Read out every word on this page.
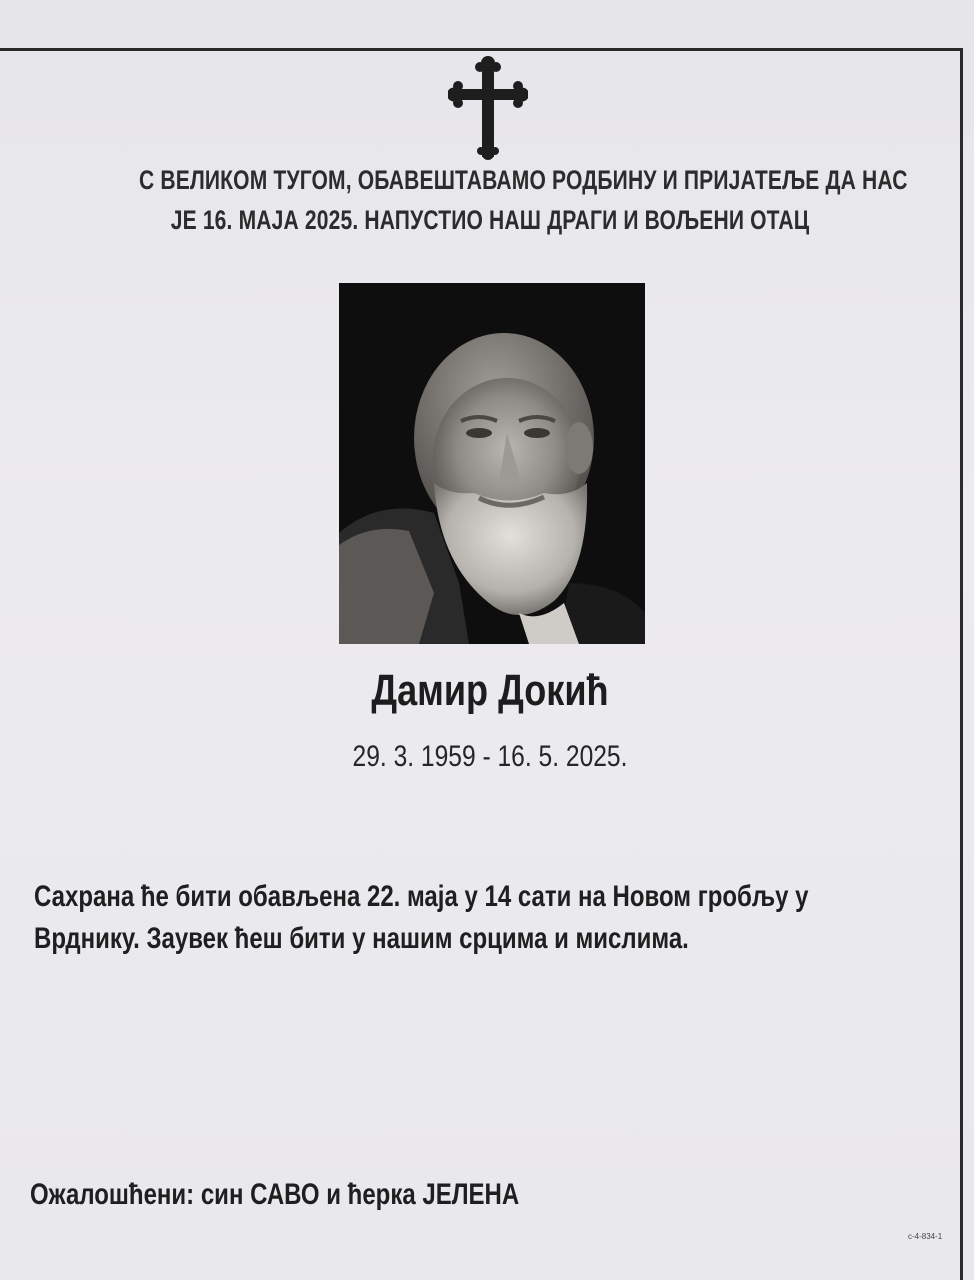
С ВЕЛИКОМ ТУГОМ, ОБАВЕШТАВАМО РОДБИНУ И ПРИЈАТЕЉЕ ДА НАС
ЈЕ 16. МАЈА 2025. НАПУСТИО НАШ ДРАГИ И ВОЉЕНИ ОТАЦ
Дамир Докић
29. 3. 1959 - 16. 5. 2025.
Сахрана ће бити обављена 22. маја у 14 сати на Новом гробљу у
Врднику. Заувек ћеш бити у нашим срцима и мислима.
Ожалошћени: син САВО и ћерка ЈЕЛЕНА
c-4-834-1
